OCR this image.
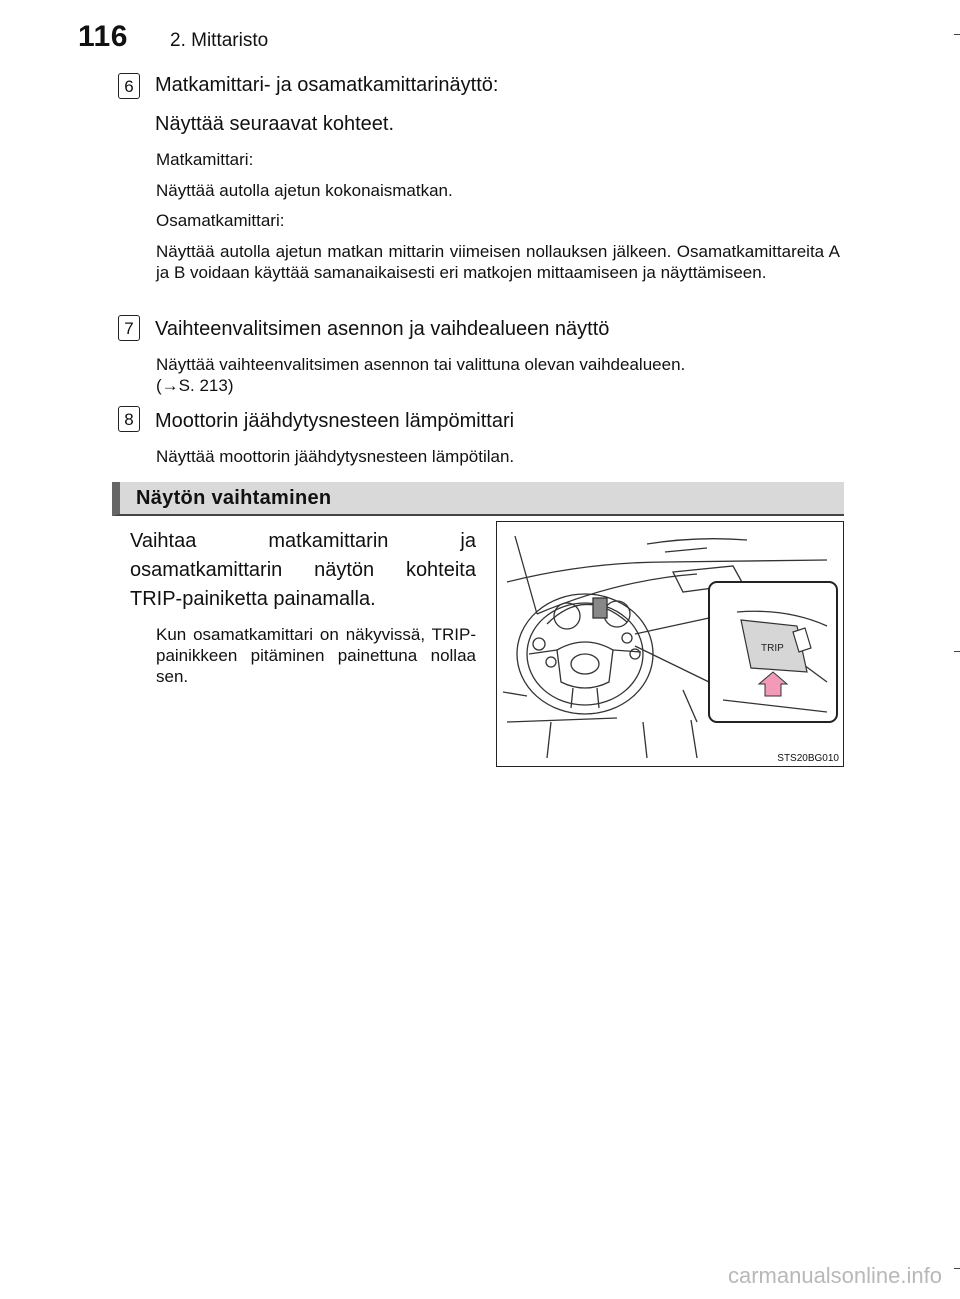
116 2. Mittaristo
6	Matkamittari- ja osamatkamittarinäyttö:
Näyttää seuraavat kohteet.
Matkamittari:
Näyttää autolla ajetun kokonaismatkan.
Osamatkamittari:
Näyttää autolla ajetun matkan mittarin viimeisen nollauksen jälkeen. Osamatkamittareita A ja B voidaan käyttää samanaikaisesti eri matkojen mittaamiseen ja näyttämiseen.
7	Vaihteenvalitsimen asennon ja vaihdealueen näyttö
Näyttää vaihteenvalitsimen asennon tai valittuna olevan vaihdealueen.
(→S. 213)
8	Moottorin jäähdytysnesteen lämpömittari
Näyttää moottorin jäähdytysnesteen lämpötilan.
Näytön vaihtaminen
Vaihtaa matkamittarin ja osamatkamittarin näytön kohteita TRIP-painiketta painamalla.
Kun osamatkamittari on näkyvissä, TRIP-painikkeen pitäminen painettuna nollaa sen.
TRIP
STS20BG010
carmanualsonline.info
